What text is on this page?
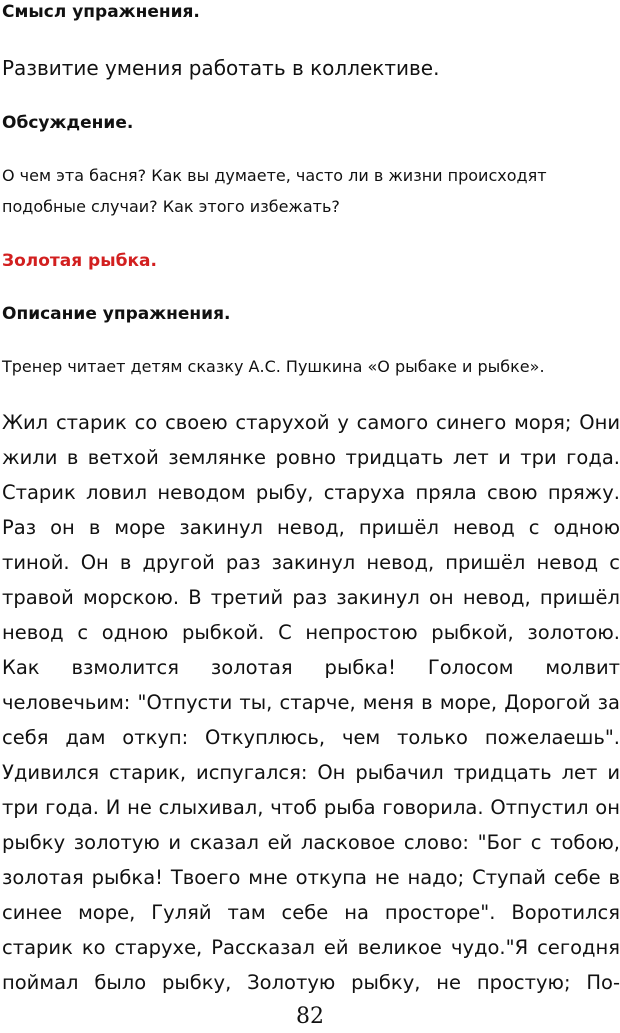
Смысл упражнения.
Развитие умения работать в коллективе.
Обсуждение.
О чем эта басня? Как вы думаете, часто ли в жизни происходят подобные случаи? Как этого избежать?
Золотая рыбка.
Описание упражнения.
Тренер читает детям сказку А.С. Пушкина «О рыбаке и рыбке».
Жил старик со своею старухой у самого синего моря; Они
жили в ветхой землянке ровно тридцать лет и три года.
Старик ловил неводом рыбу, старуха пряла свою пряжу.
Раз он в море закинул невод, пришёл невод с одною
тиной. Он в другой раз закинул невод, пришёл невод с
травой морскою. В третий раз закинул он невод, пришёл
невод с одною рыбкой. С непростою рыбкой, золотою.
Как взмолится золотая рыбка! Голосом молвит
человечьим: "Отпусти ты, старче, меня в море, Дорогой за
себя дам откуп: Откуплюсь, чем только пожелаешь".
Удивился старик, испугался: Он рыбачил тридцать лет и
три года. И не слыхивал, чтоб рыба говорила. Отпустил он
рыбку золотую и сказал ей ласковое слово: "Бог с тобою,
золотая рыбка! Твоего мне откупа не надо; Ступай себе в
синее море, Гуляй там себе на просторе". Воротился
старик ко старухе, Рассказал ей великое чудо."Я сегодня
поймал было рыбку, Золотую рыбку, не простую; По-
82
